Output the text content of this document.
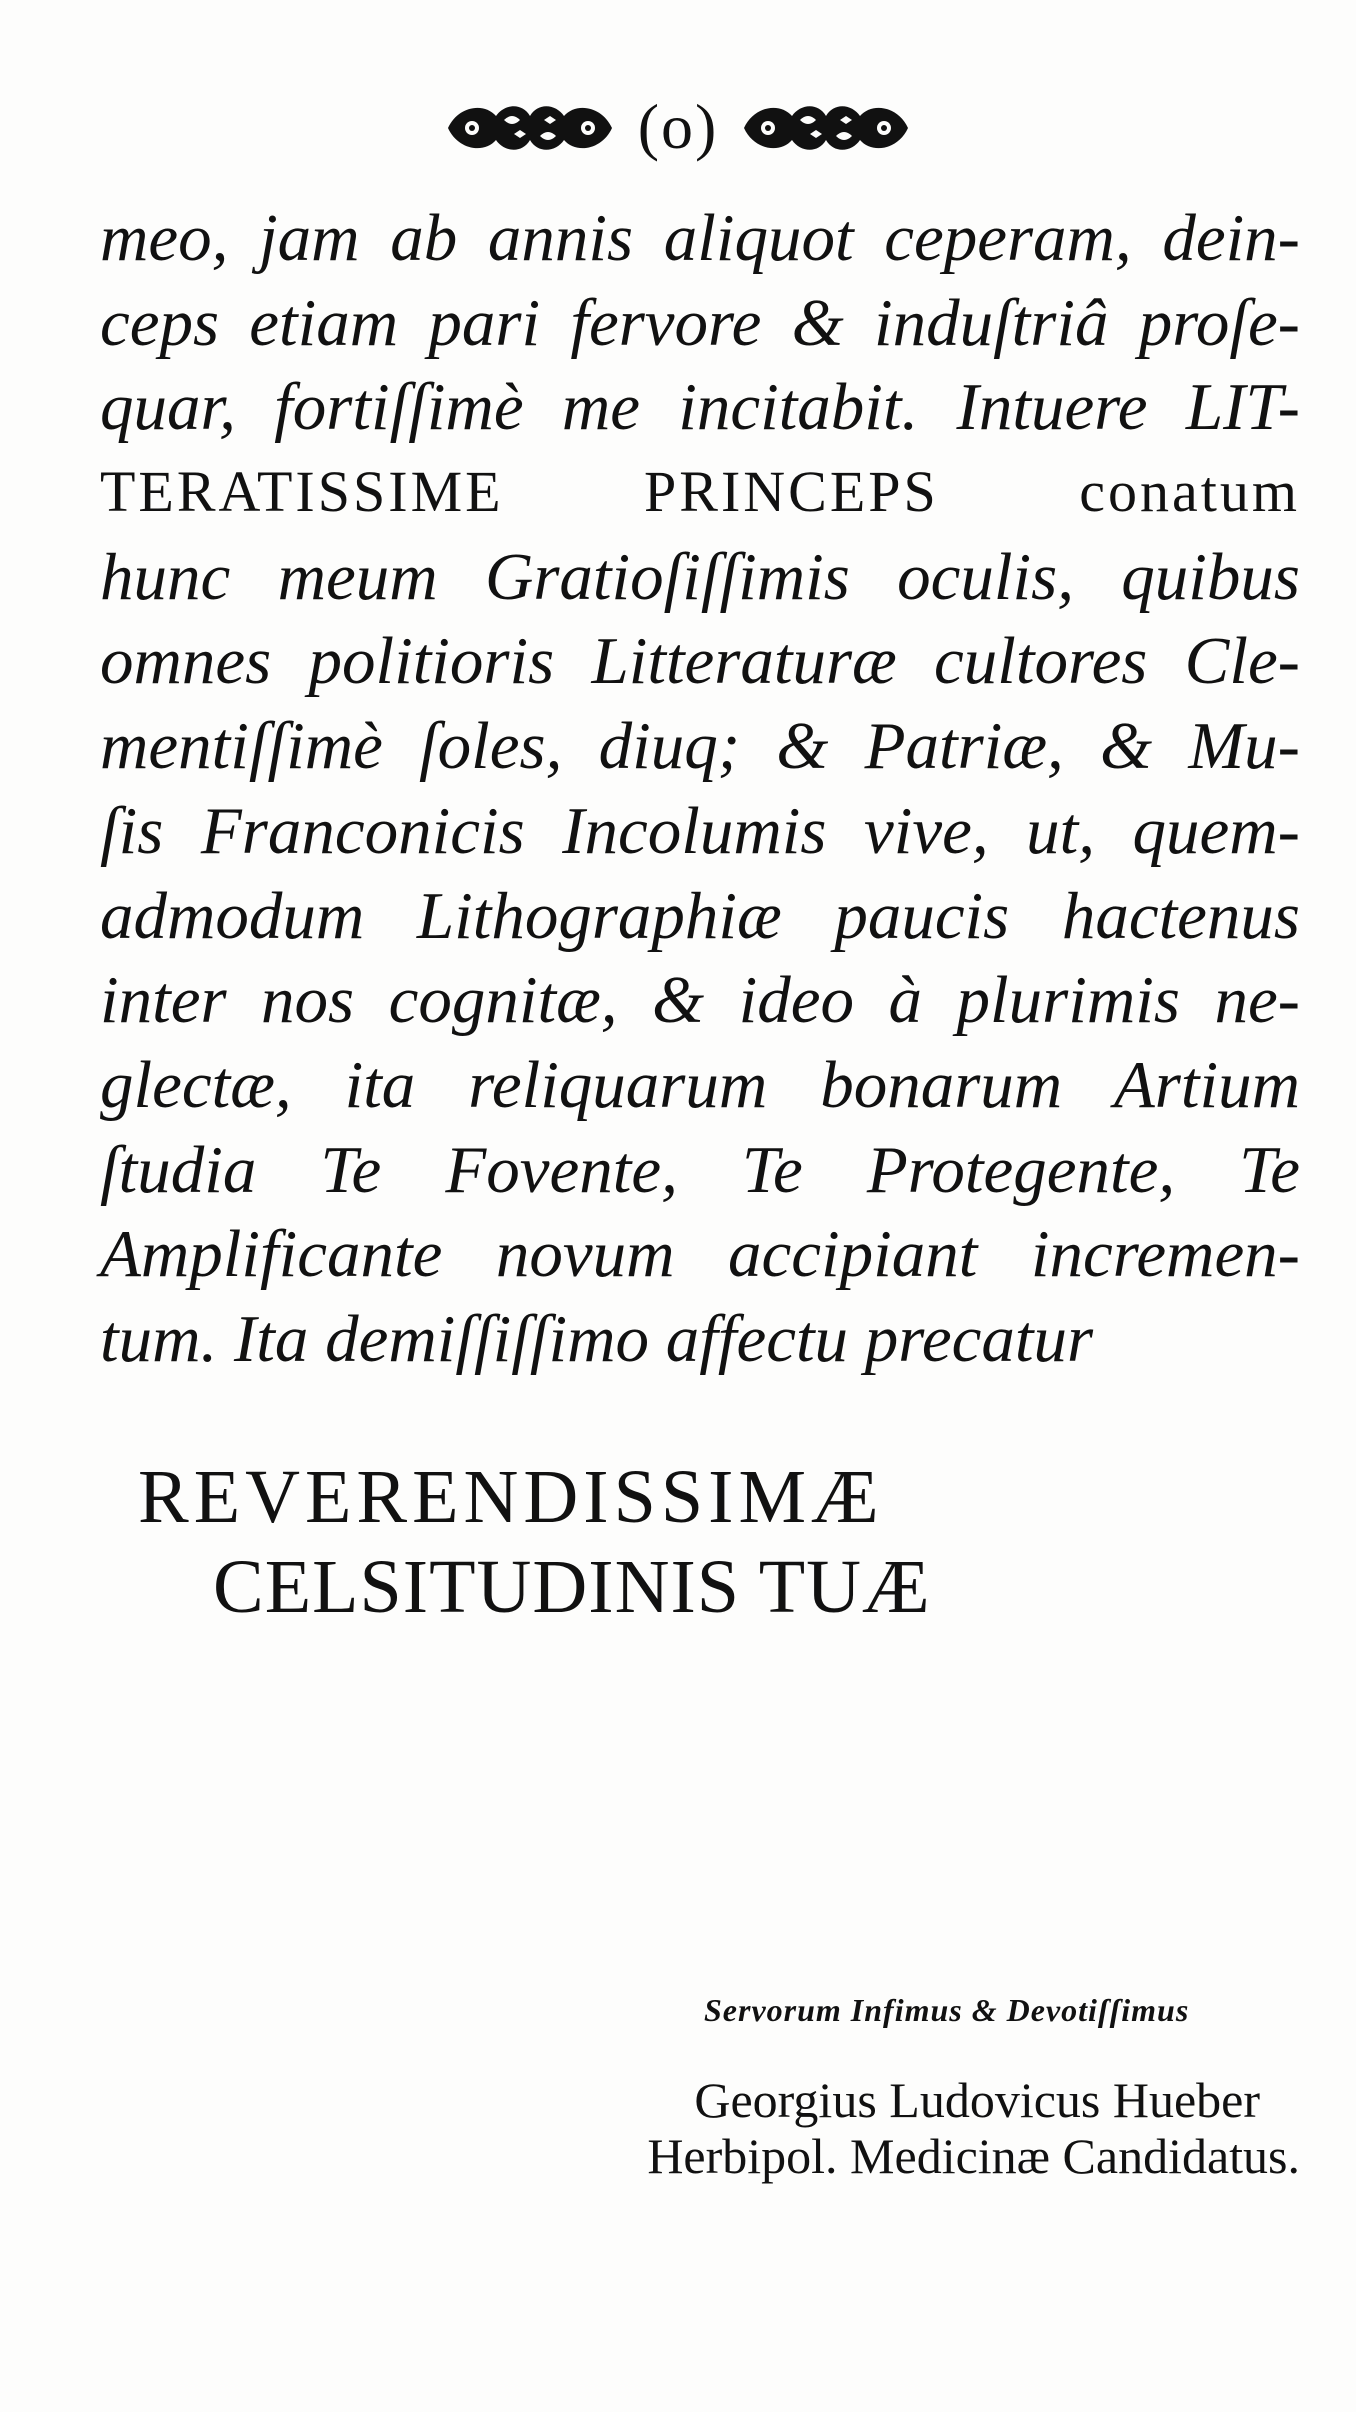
(o)
meo, jam ab annis aliquot ceperam, dein-
ceps etiam pari fervore & induſtriâ proſe-
quar, fortiſſimè me incitabit. Intuere LIT-
TERATISSIME PRINCEPS conatum
hunc meum Gratioſiſſimis oculis, quibus
omnes politioris Litteraturæ cultores Cle-
mentiſſimè ſoles, diuq; & Patriæ, & Mu-
ſis Franconicis Incolumis vive, ut, quem-
admodum Lithographiæ paucis hactenus
inter nos cognitæ, & ideo à plurimis ne-
glectæ, ita reliquarum bonarum Artium
ſtudia Te Fovente, Te Protegente, Te
Amplificante novum accipiant incremen-
tum. Ita demiſſiſſimo affectu precatur
REVERENDISSIMÆ
CELSITUDINIS TUÆ
Servorum Infimus & Devotiſſimus
Georgius Ludovicus Hueber
Herbipol. Medicinæ Candidatus.
